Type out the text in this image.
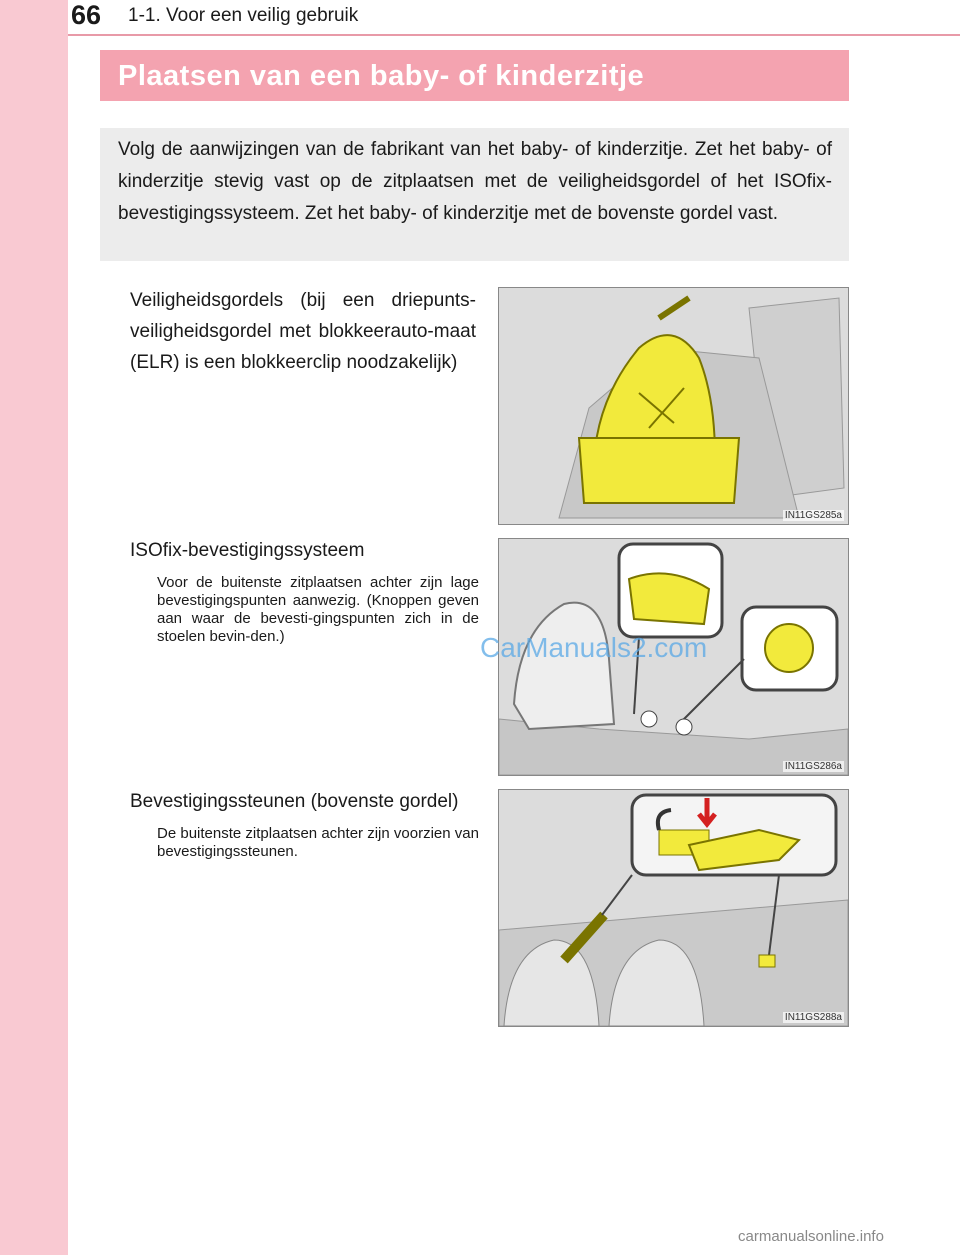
66 1-1. Voor een veilig gebruik
Plaatsen van een baby- of kinderzitje
Volg de aanwijzingen van de fabrikant van het baby- of kinderzitje. Zet het baby- of kinderzitje stevig vast op de zitplaatsen met de veiligheidsgordel of het ISOfix-bevestigingssysteem. Zet het baby- of kinderzitje met de bovenste gordel vast.
Veiligheidsgordels (bij een driepunts-veiligheidsgordel met blokkeerauto-maat (ELR) is een blokkeerclip noodzakelijk)
IN11GS285a
ISOfix-bevestigingssysteem
Voor de buitenste zitplaatsen achter zijn lage bevestigingspunten aanwezig. (Knoppen geven aan waar de bevesti-gingspunten zich in de stoelen bevin-den.)
IN11GS286a
Bevestigingssteunen (bovenste gordel)
De buitenste zitplaatsen achter zijn voorzien van bevestigingssteunen.
IN11GS288a
CarManuals2.com
carmanualsonline.info
